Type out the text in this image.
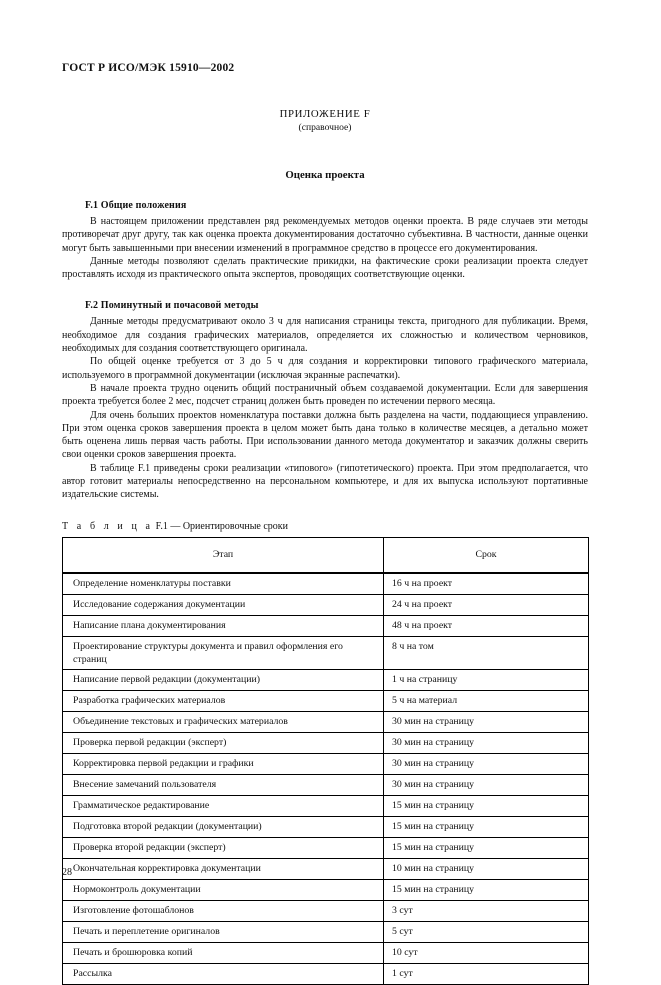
ГОСТ Р ИСО/МЭК 15910—2002
ПРИЛОЖЕНИЕ F
(справочное)
Оценка проекта
F.1 Общие положения

В настоящем приложении представлен ряд рекомендуемых методов оценки проекта. В ряде случаев эти методы противоречат друг другу, так как оценка проекта документирования достаточно субъективна. В частности, данные оценки могут быть завышенными при внесении изменений в программное средство в процессе его документирования.

Данные методы позволяют сделать практические прикидки, на фактические сроки реализации проекта следует проставлять исходя из практического опыта экспертов, проводящих соответствующие оценки.

F.2 Поминутный и почасовой методы

Данные методы предусматривают около 3 ч для написания страницы текста, пригодного для публикации. Время, необходимое для создания графических материалов, определяется их сложностью и количеством черновиков, необходимых для создания соответствующего оригинала.

По общей оценке требуется от 3 до 5 ч для создания и корректировки типового графического материала, используемого в программной документации (исключая экранные распечатки).

В начале проекта трудно оценить общий постраничный объем создаваемой документации. Если для завершения проекта требуется более 2 мес, подсчет страниц должен быть проведен по истечении первого месяца.

Для очень больших проектов номенклатура поставки должна быть разделена на части, поддающиеся управлению. При этом оценка сроков завершения проекта в целом может быть дана только в количестве месяцев, а детально может быть оценена лишь первая часть работы. При использовании данного метода документатор и заказчик должны сверить свои оценки сроков завершения проекта.

В таблице F.1 приведены сроки реализации «типового» (гипотетического) проекта. При этом предполагается, что автор готовит материалы непосредственно на персональном компьютере, и для их выпуска используют портативные издательские системы.

Т а б л и ц а F.1 — Ориентировочные сроки
Этап	Срок

Определение номенклатуры поставки	16 ч на проект
Исследование содержания документации	24 ч на проект
Написание плана документирования	48 ч на проект
Проектирование структуры документа и правил оформления его страниц	8 ч на том
Написание первой редакции (документации)	1 ч на страницу
Разработка графических материалов	5 ч на материал
Объединение текстовых и графических материалов	30 мин на страницу
Проверка первой редакции (эксперт)	30 мин на страницу
Корректировка первой редакции и графики	30 мин на страницу
Внесение замечаний пользователя	30 мин на страницу
Грамматическое редактирование	15 мин на страницу
Подготовка второй редакции (документации)	15 мин на страницу
Проверка второй редакции (эксперт)	15 мин на страницу
Окончательная корректировка документации	10 мин на страницу
Нормоконтроль документации	15 мин на страницу
Изготовление фотошаблонов	3 сут
Печать и переплетение оригиналов	5 сут
Печать и брошюровка копий	10 сут
Рассылка	1 сут
28
